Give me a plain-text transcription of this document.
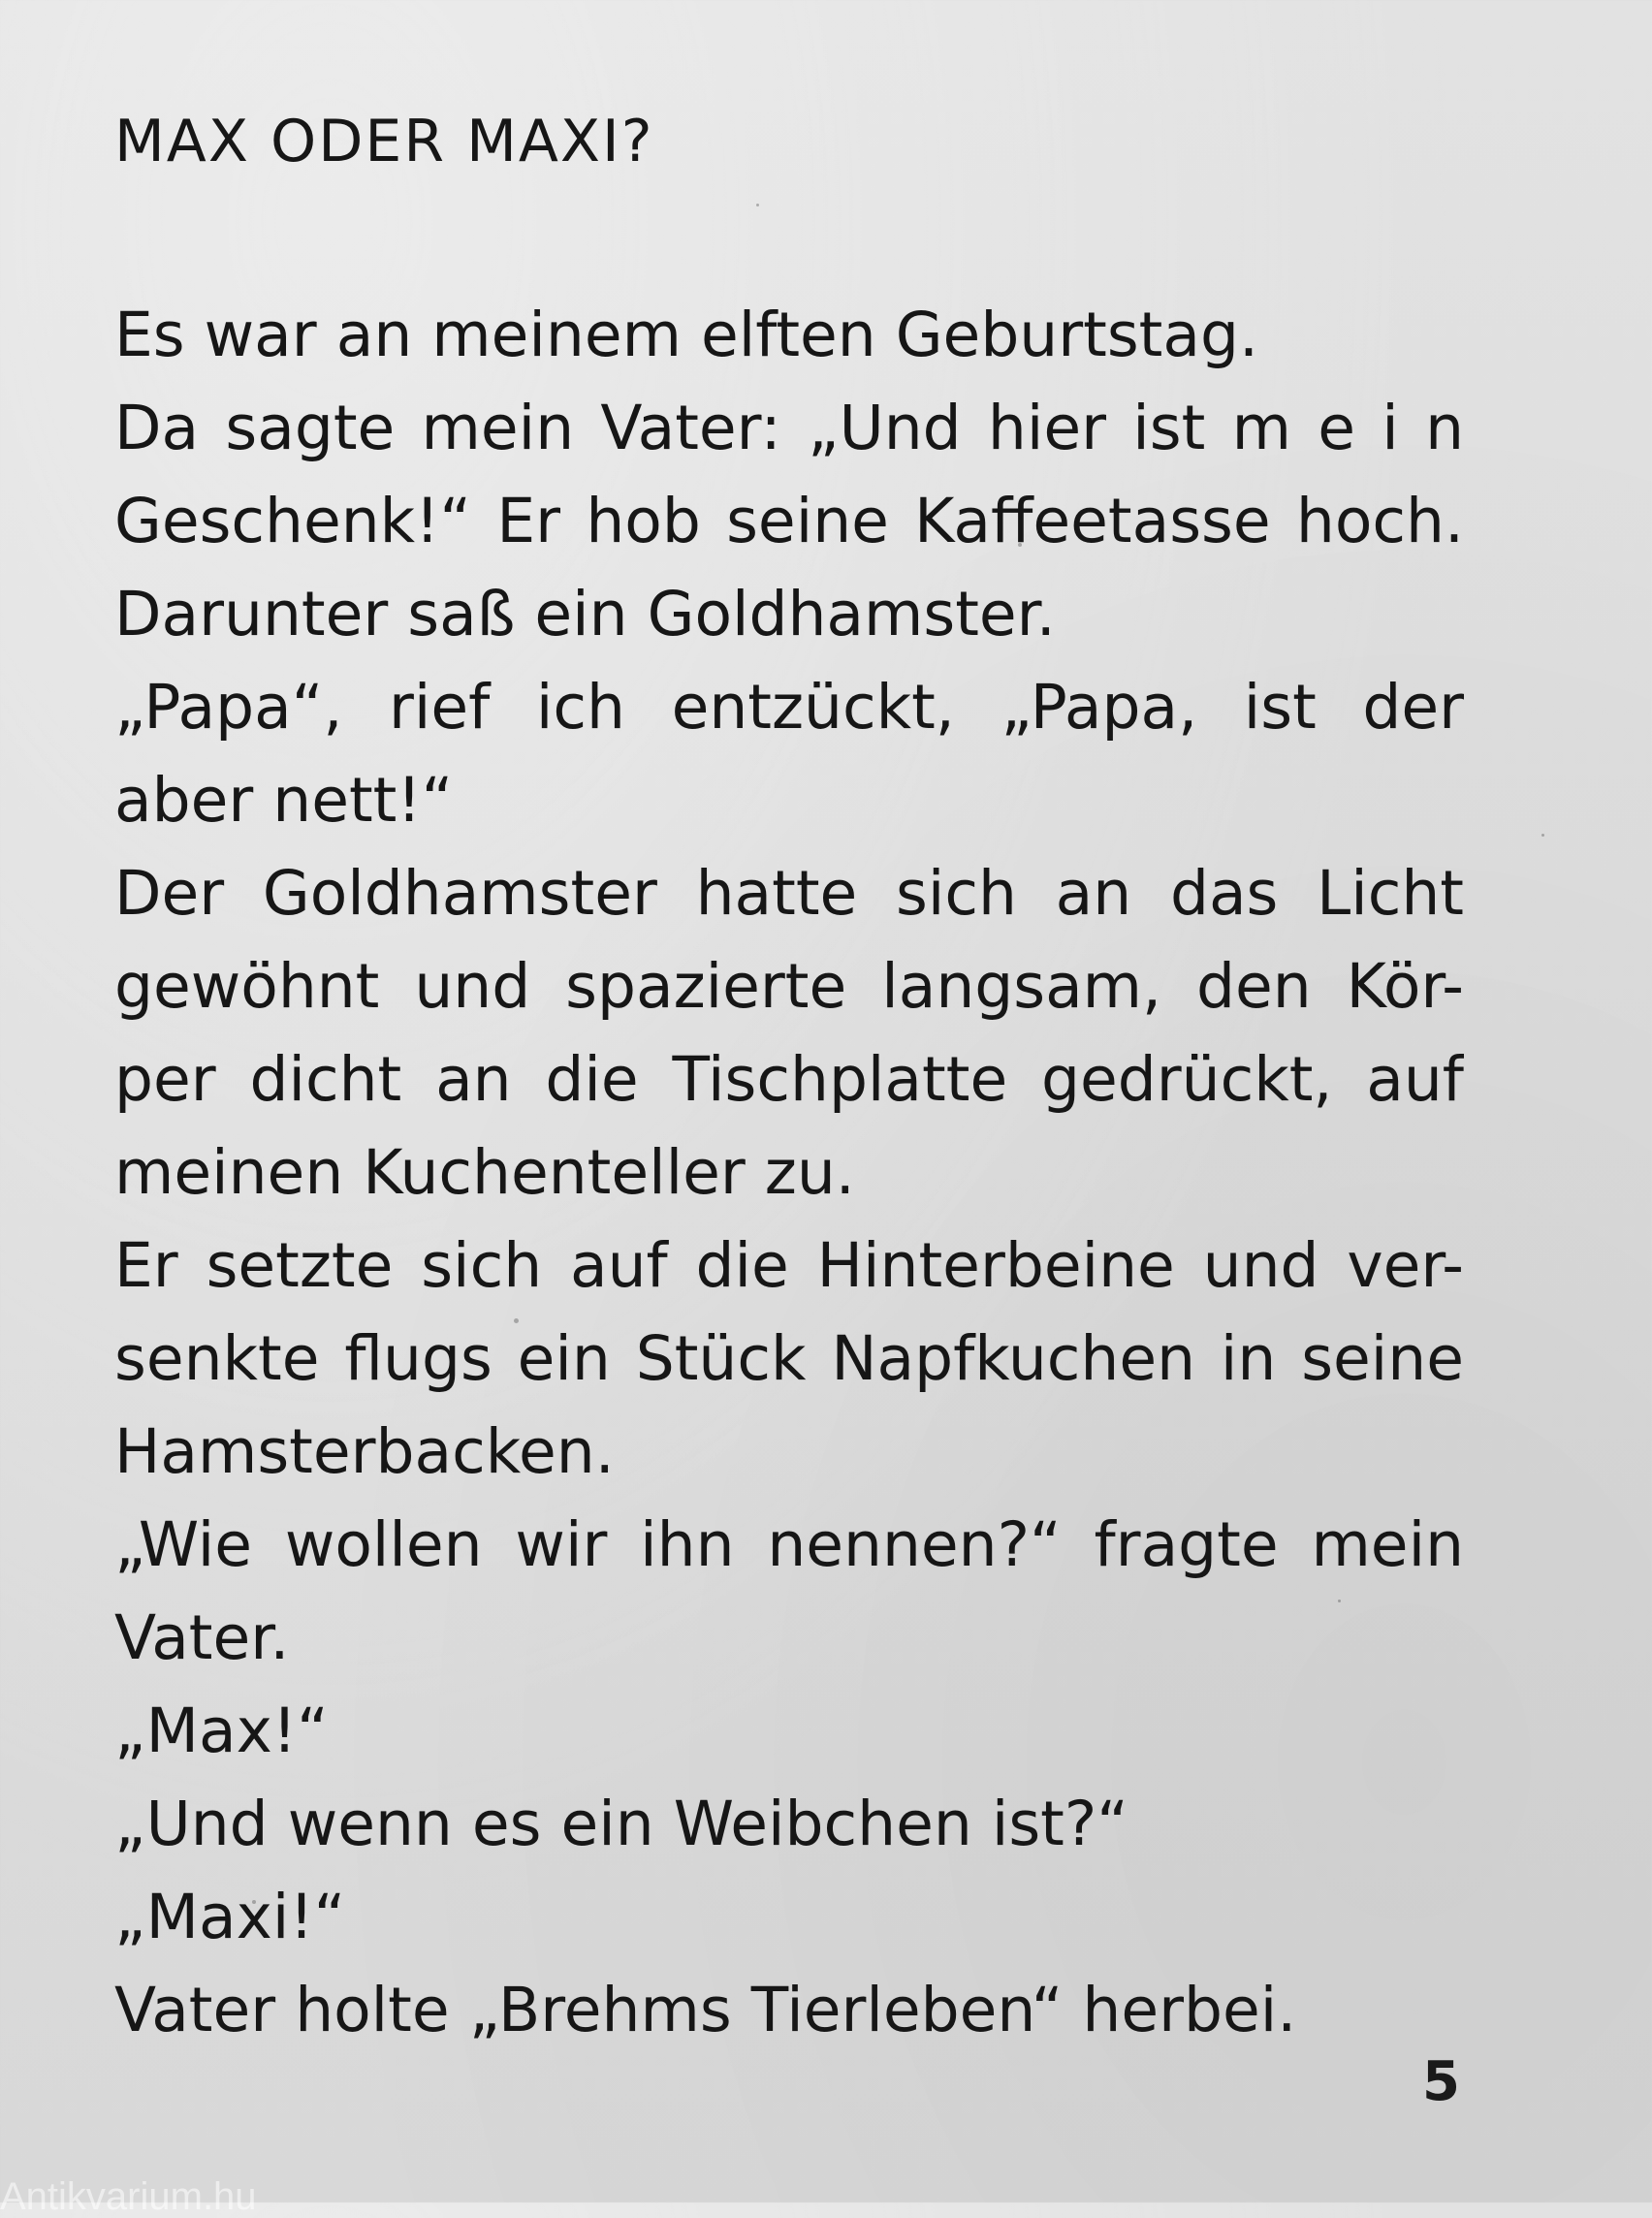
MAX ODER MAXI?
Es war an meinem elften Geburtstag.
Da sagte mein Vater: „Und hier ist m e i n
Geschenk!“ Er hob seine Kaffeetasse hoch.
Darunter saß ein Goldhamster.
„Papa“, rief ich entzückt, „Papa, ist der
aber nett!“
Der Goldhamster hatte sich an das Licht
gewöhnt und spazierte langsam, den Kör-
per dicht an die Tischplatte gedrückt, auf
meinen Kuchenteller zu.
Er setzte sich auf die Hinterbeine und ver-
senkte flugs ein Stück Napfkuchen in seine
Hamsterbacken.
„Wie wollen wir ihn nennen?“ fragte mein
Vater.
„Max!“
„Und wenn es ein Weibchen ist?“
„Maxi!“
Vater holte „Brehms Tierleben“ herbei.
5
Antikvarium.hu
